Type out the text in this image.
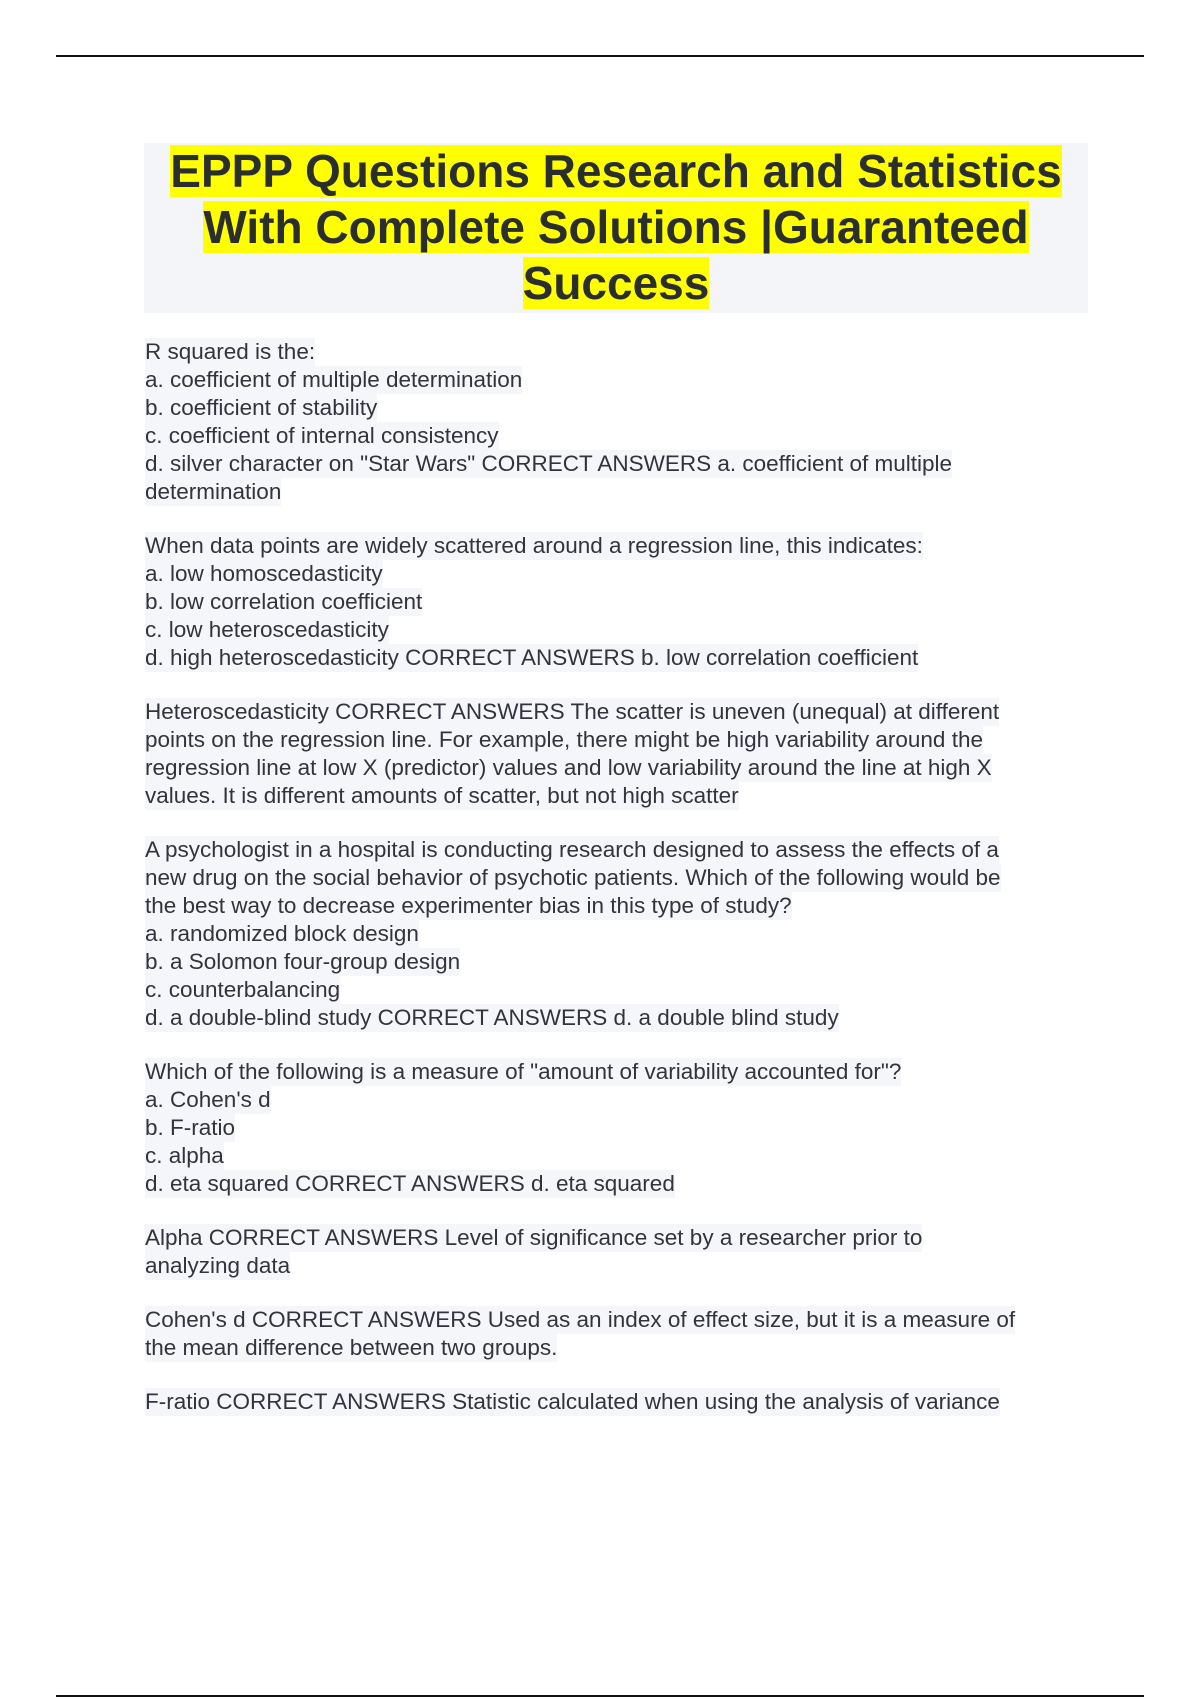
EPPP Questions Research and Statistics With Complete Solutions |Guaranteed Success
R squared is the:
a. coefficient of multiple determination
b. coefficient of stability
c. coefficient of internal consistency
d. silver character on "Star Wars" CORRECT ANSWERS a. coefficient of multiple
determination
When data points are widely scattered around a regression line, this indicates:
a. low homoscedasticity
b. low correlation coefficient
c. low heteroscedasticity
d. high heteroscedasticity CORRECT ANSWERS b. low correlation coefficient
Heteroscedasticity CORRECT ANSWERS The scatter is uneven (unequal) at different
points on the regression line. For example, there might be high variability around the
regression line at low X (predictor) values and low variability around the line at high X
values. It is different amounts of scatter, but not high scatter
A psychologist in a hospital is conducting research designed to assess the effects of a
new drug on the social behavior of psychotic patients. Which of the following would be
the best way to decrease experimenter bias in this type of study?
a. randomized block design
b. a Solomon four-group design
c. counterbalancing
d. a double-blind study CORRECT ANSWERS d. a double blind study
Which of the following is a measure of "amount of variability accounted for"?
a. Cohen's d
b. F-ratio
c. alpha
d. eta squared CORRECT ANSWERS d. eta squared
Alpha CORRECT ANSWERS Level of significance set by a researcher prior to
analyzing data
Cohen's d CORRECT ANSWERS Used as an index of effect size, but it is a measure of
the mean difference between two groups.
F-ratio CORRECT ANSWERS Statistic calculated when using the analysis of variance
